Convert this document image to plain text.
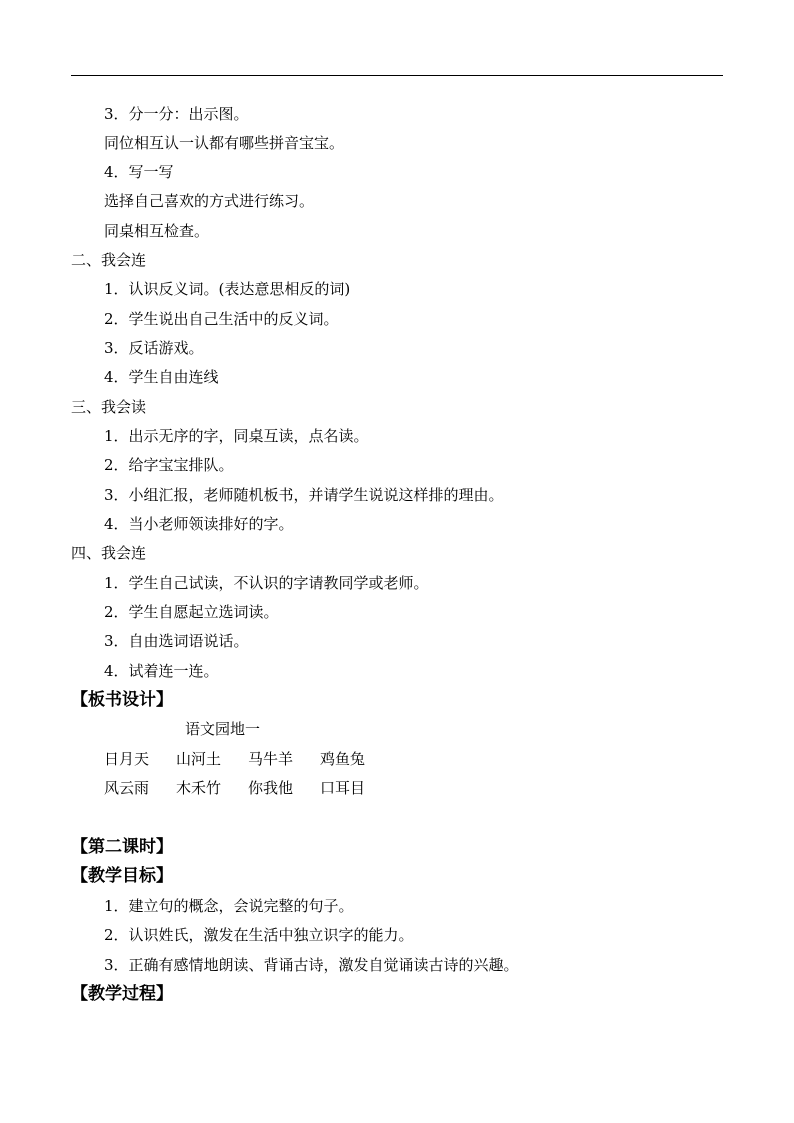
3．分一分：出示图。
同位相互认一认都有哪些拼音宝宝。
4．写一写
选择自己喜欢的方式进行练习。
同桌相互检查。
二、我会连
1．认识反义词。(表达意思相反的词)
2．学生说出自己生活中的反义词。
3．反话游戏。
4．学生自由连线
三、我会读
1．出示无序的字，同桌互读，点名读。
2．给字宝宝排队。
3．小组汇报，老师随机板书，并请学生说说这样排的理由。
4．当小老师领读排好的字。
四、我会连
1．学生自己试读，不认识的字请教同学或老师。
2．学生自愿起立选词读。
3．自由选词语说话。
4．试着连一连。
【板书设计】
语文园地一
日月天 山河土 马牛羊 鸡鱼兔
风云雨 木禾竹 你我他 口耳目
【第二课时】
【教学目标】
1．建立句的概念，会说完整的句子。
2．认识姓氏，激发在生活中独立识字的能力。
3．正确有感情地朗读、背诵古诗，激发自觉诵读古诗的兴趣。
【教学过程】
